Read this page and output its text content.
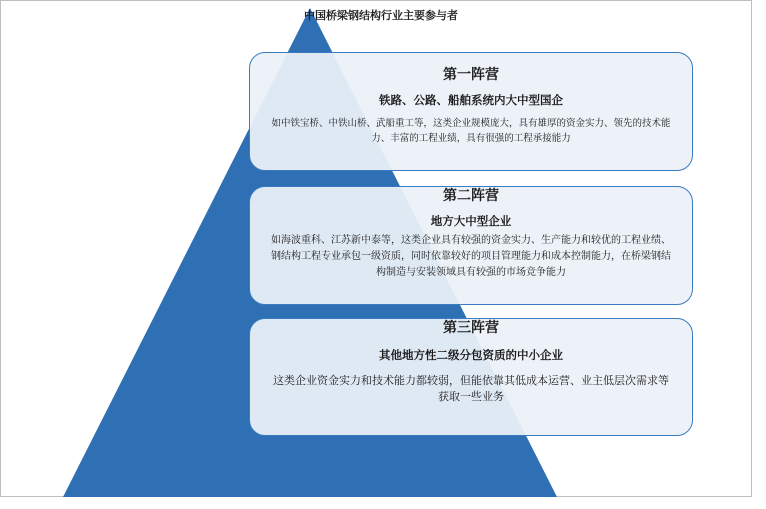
中国桥梁钢结构行业主要参与者
第一阵营
铁路、公路、船舶系统内大中型国企
如中铁宝桥、中铁山桥、武船重工等，这类企业规模庞大，具有雄厚的资金实力、领先的技术能力、丰富的工程业绩，具有很强的工程承接能力
第二阵营
地方大中型企业
如海波重科、江苏新中泰等，这类企业具有较强的资金实力、生产能力和较优的工程业绩、钢结构工程专业承包一级资质，同时依靠较好的项目管理能力和成本控制能力，在桥梁钢结构制造与安装领域具有较强的市场竞争能力
第三阵营
其他地方性二级分包资质的中小企业
这类企业资金实力和技术能力都较弱，但能依靠其低成本运营、业主低层次需求等获取一些业务
